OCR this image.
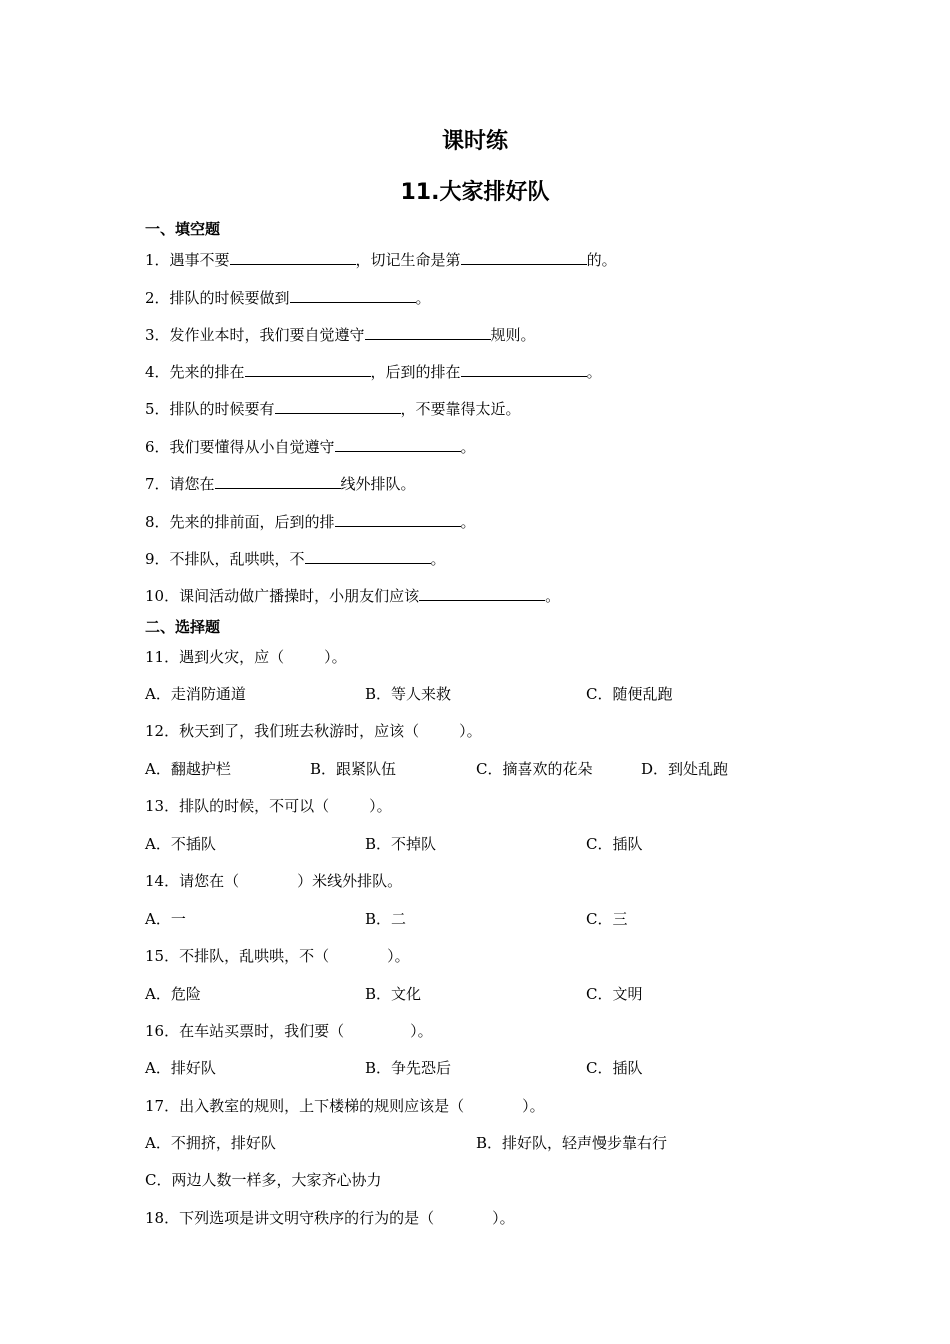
课时练
11.大家排好队
一、填空题
1．遇事不要	，切记生命是第	的。
2．排队的时候要做到	。
3．发作业本时，我们要自觉遵守	规则。
4．先来的排在	，后到的排在	。
5．排队的时候要有	，不要靠得太近。
6．我们要懂得从小自觉遵守	。
7．请您在	线外排队。
8．先来的排前面，后到的排	。
9．不排队，乱哄哄，不	。
10．课间活动做广播操时，小朋友们应该	。
二、选择题
11．遇到火灾，应（	）。
A．走消防通道	B．等人来救	C．随便乱跑
12．秋天到了，我们班去秋游时，应该（	）。
A．翻越护栏	B．跟紧队伍	C．摘喜欢的花朵	D．到处乱跑
13．排队的时候，不可以（	）。
A．不插队	B．不掉队	C．插队
14．请您在（	）米线外排队。
A．一	B．二	C．三
15．不排队，乱哄哄，不（	）。
A．危险	B．文化	C．文明
16．在车站买票时，我们要（	）。
A．排好队	B．争先恐后	C．插队
17．出入教室的规则，上下楼梯的规则应该是（	）。
A．不拥挤，排好队	B．排好队，轻声慢步靠右行
C．两边人数一样多，大家齐心协力
18．下列选项是讲文明守秩序的行为的是（	）。
